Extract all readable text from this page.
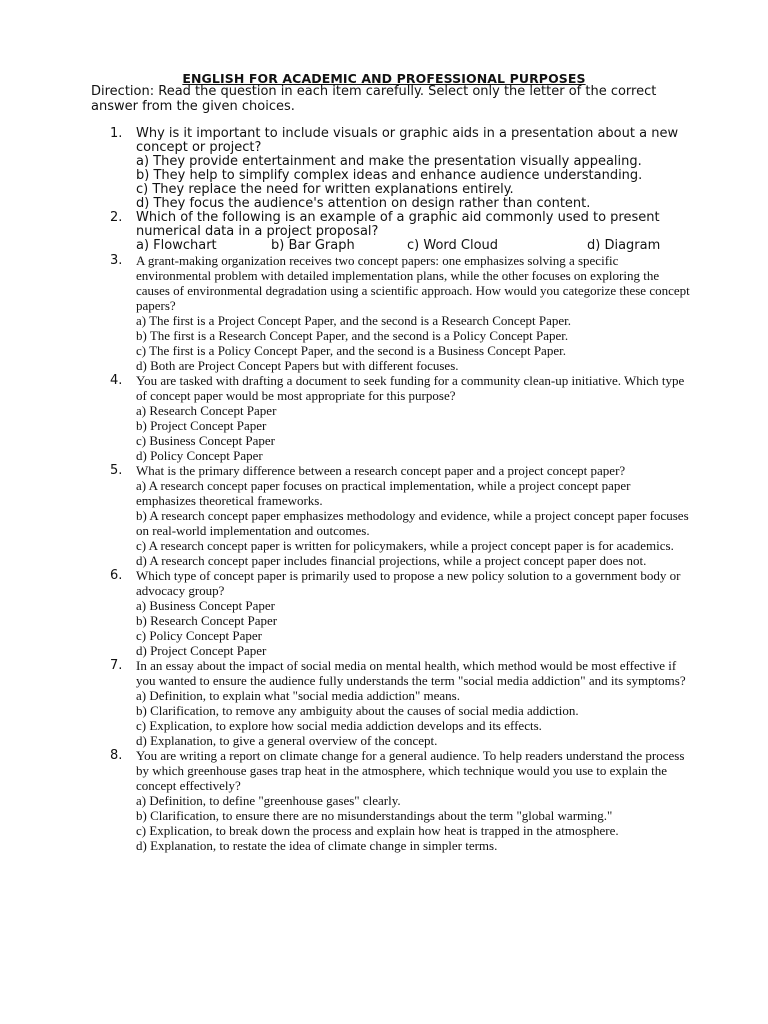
ENGLISH FOR ACADEMIC AND PROFESSIONAL PURPOSES
Direction: Read the question in each item carefully. Select only the letter of the correct answer from the given choices.
1.	Why is it important to include visuals or graphic aids in a presentation about a new concept or project?

a) They provide entertainment and make the presentation visually appealing.

b) They help to simplify complex ideas and enhance audience understanding.

c) They replace the need for written explanations entirely.

d) They focus the audience's attention on design rather than content.

2.	Which of the following is an example of a graphic aid commonly used to present numerical data in a project proposal?

a) Flowchart	b) Bar Graph	c) Word Cloud	d) Diagram
3.	A grant-making organization receives two concept papers: one emphasizes solving a specific environmental problem with detailed implementation plans, while the other focuses on exploring the causes of environmental degradation using a scientific approach. How would you categorize these concept papers?

a) The first is a Project Concept Paper, and the second is a Research Concept Paper.

b) The first is a Research Concept Paper, and the second is a Policy Concept Paper.

c) The first is a Policy Concept Paper, and the second is a Business Concept Paper.

d) Both are Project Concept Papers but with different focuses.

4.	You are tasked with drafting a document to seek funding for a community clean-up initiative. Which type of concept paper would be most appropriate for this purpose?

a) Research Concept Paper

b) Project Concept Paper

c) Business Concept Paper

d) Policy Concept Paper

5.	What is the primary difference between a research concept paper and a project concept paper?

a) A research concept paper focuses on practical implementation, while a project concept paper emphasizes theoretical frameworks.

b) A research concept paper emphasizes methodology and evidence, while a project concept paper focuses on real-world implementation and outcomes.

c) A research concept paper is written for policymakers, while a project concept paper is for academics.

d) A research concept paper includes financial projections, while a project concept paper does not.

6.	Which type of concept paper is primarily used to propose a new policy solution to a government body or advocacy group?

a) Business Concept Paper

b) Research Concept Paper

c) Policy Concept Paper

d) Project Concept Paper

7.	In an essay about the impact of social media on mental health, which method would be most effective if you wanted to ensure the audience fully understands the term "social media addiction" and its symptoms?

a) Definition, to explain what "social media addiction" means.

b) Clarification, to remove any ambiguity about the causes of social media addiction.

c) Explication, to explore how social media addiction develops and its effects.

d) Explanation, to give a general overview of the concept.

8.	You are writing a report on climate change for a general audience. To help readers understand the process by which greenhouse gases trap heat in the atmosphere, which technique would you use to explain the concept effectively?

a) Definition, to define "greenhouse gases" clearly.

b) Clarification, to ensure there are no misunderstandings about the term "global warming."

c) Explication, to break down the process and explain how heat is trapped in the atmosphere.

d) Explanation, to restate the idea of climate change in simpler terms.
